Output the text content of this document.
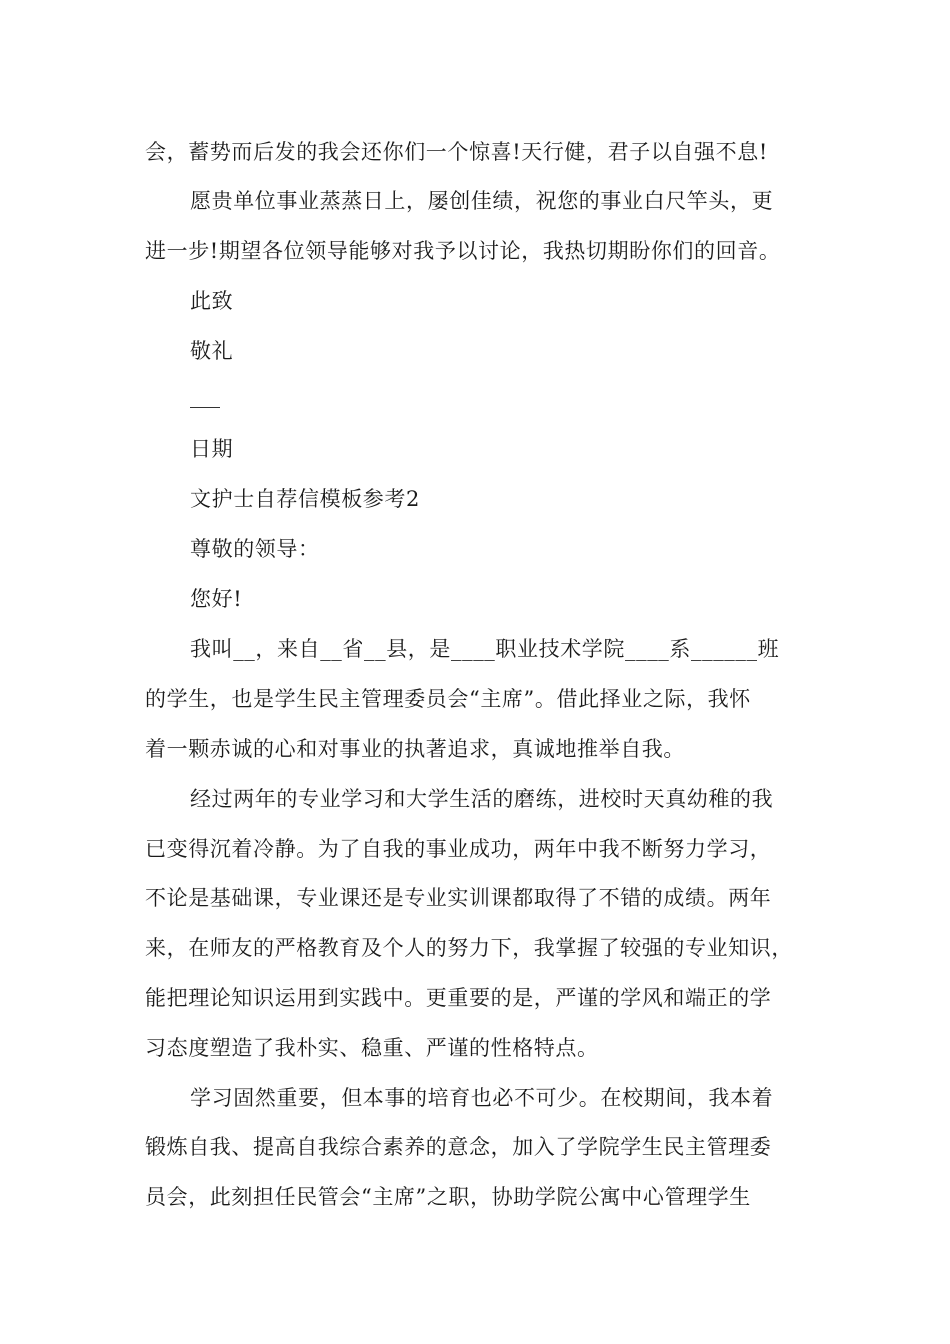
会，蓄势而后发的我会还你们一个惊喜!天行健，君子以自强不息!
愿贵单位事业蒸蒸日上，屡创佳绩，祝您的事业白尺竿头，更
进一步!期望各位领导能够对我予以讨论，我热切期盼你们的回音。
此致
敬礼
日期
文护士自荐信模板参考2
尊敬的领导：
您好!
我叫__，来自__省__县，是____职业技术学院____系______班
的学生，也是学生民主管理委员会“主席”。借此择业之际，我怀
着一颗赤诚的心和对事业的执著追求，真诚地推举自我。
经过两年的专业学习和大学生活的磨练，进校时天真幼稚的我
已变得沉着冷静。为了自我的事业成功，两年中我不断努力学习，
不论是基础课，专业课还是专业实训课都取得了不错的成绩。两年
来，在师友的严格教育及个人的努力下，我掌握了较强的专业知识，
能把理论知识运用到实践中。更重要的是，严谨的学风和端正的学
习态度塑造了我朴实、稳重、严谨的性格特点。
学习固然重要，但本事的培育也必不可少。在校期间，我本着
锻炼自我、提高自我综合素养的意念，加入了学院学生民主管理委
员会，此刻担任民管会“主席”之职，协助学院公寓中心管理学生
